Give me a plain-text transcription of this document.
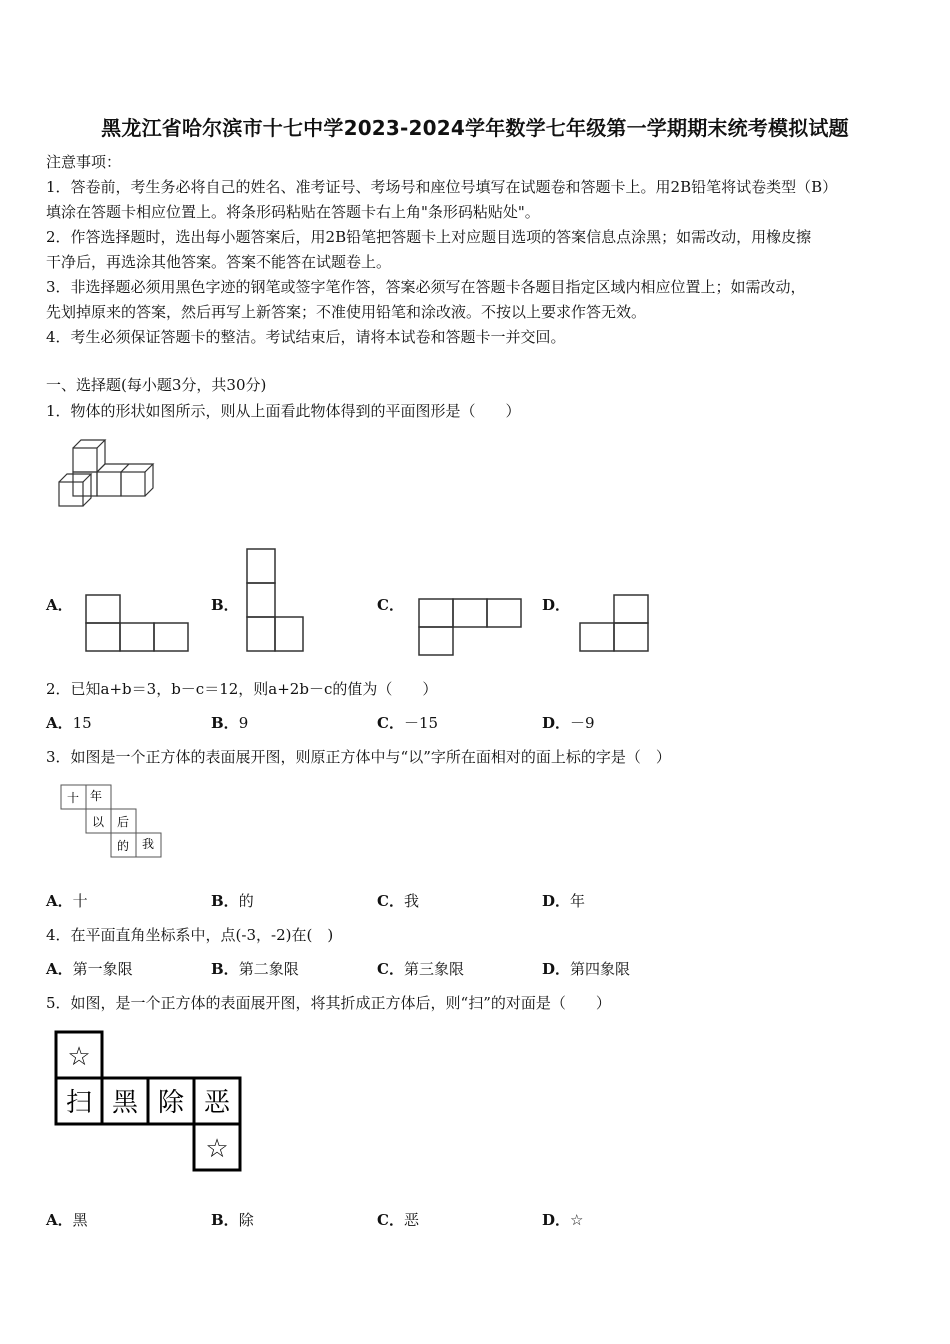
黑龙江省哈尔滨市十七中学2023-2024学年数学七年级第一学期期末统考模拟试题
注意事项：
1．答卷前，考生务必将自己的姓名、准考证号、考场号和座位号填写在试题卷和答题卡上。用2B铅笔将试卷类型（B）
填涂在答题卡相应位置上。将条形码粘贴在答题卡右上角"条形码粘贴处"。
2．作答选择题时，选出每小题答案后，用2B铅笔把答题卡上对应题目选项的答案信息点涂黑；如需改动，用橡皮擦
干净后，再选涂其他答案。答案不能答在试题卷上。
3．非选择题必须用黑色字迹的钢笔或签字笔作答，答案必须写在答题卡各题目指定区域内相应位置上；如需改动，
先划掉原来的答案，然后再写上新答案；不准使用铅笔和涂改液。不按以上要求作答无效。
4．考生必须保证答题卡的整洁。考试结束后，请将本试卷和答题卡一并交回。
一、选择题(每小题3分，共30分)
1．物体的形状如图所示，则从上面看此物体得到的平面图形是（　　）
A．	B．	C．	D．
2．已知a+b＝3，b－c＝12，则a+2b－c的值为（　　）
A．15	B．9	C．－15	D．－9
3．如图是一个正方体的表面展开图，则原正方体中与“以”字所在面相对的面上标的字是（　）
十 年
以 后
的 我
A．十	B．的	C．我	D．年
4．在平面直角坐标系中，点(-3，-2)在(　)
A．第一象限	B．第二象限	C．第三象限	D．第四象限
5．如图，是一个正方体的表面展开图，将其折成正方体后，则“扫”的对面是（　　）
☆
扫 黑 除 恶
☆
A．黑	B．除	C．恶	D．☆
